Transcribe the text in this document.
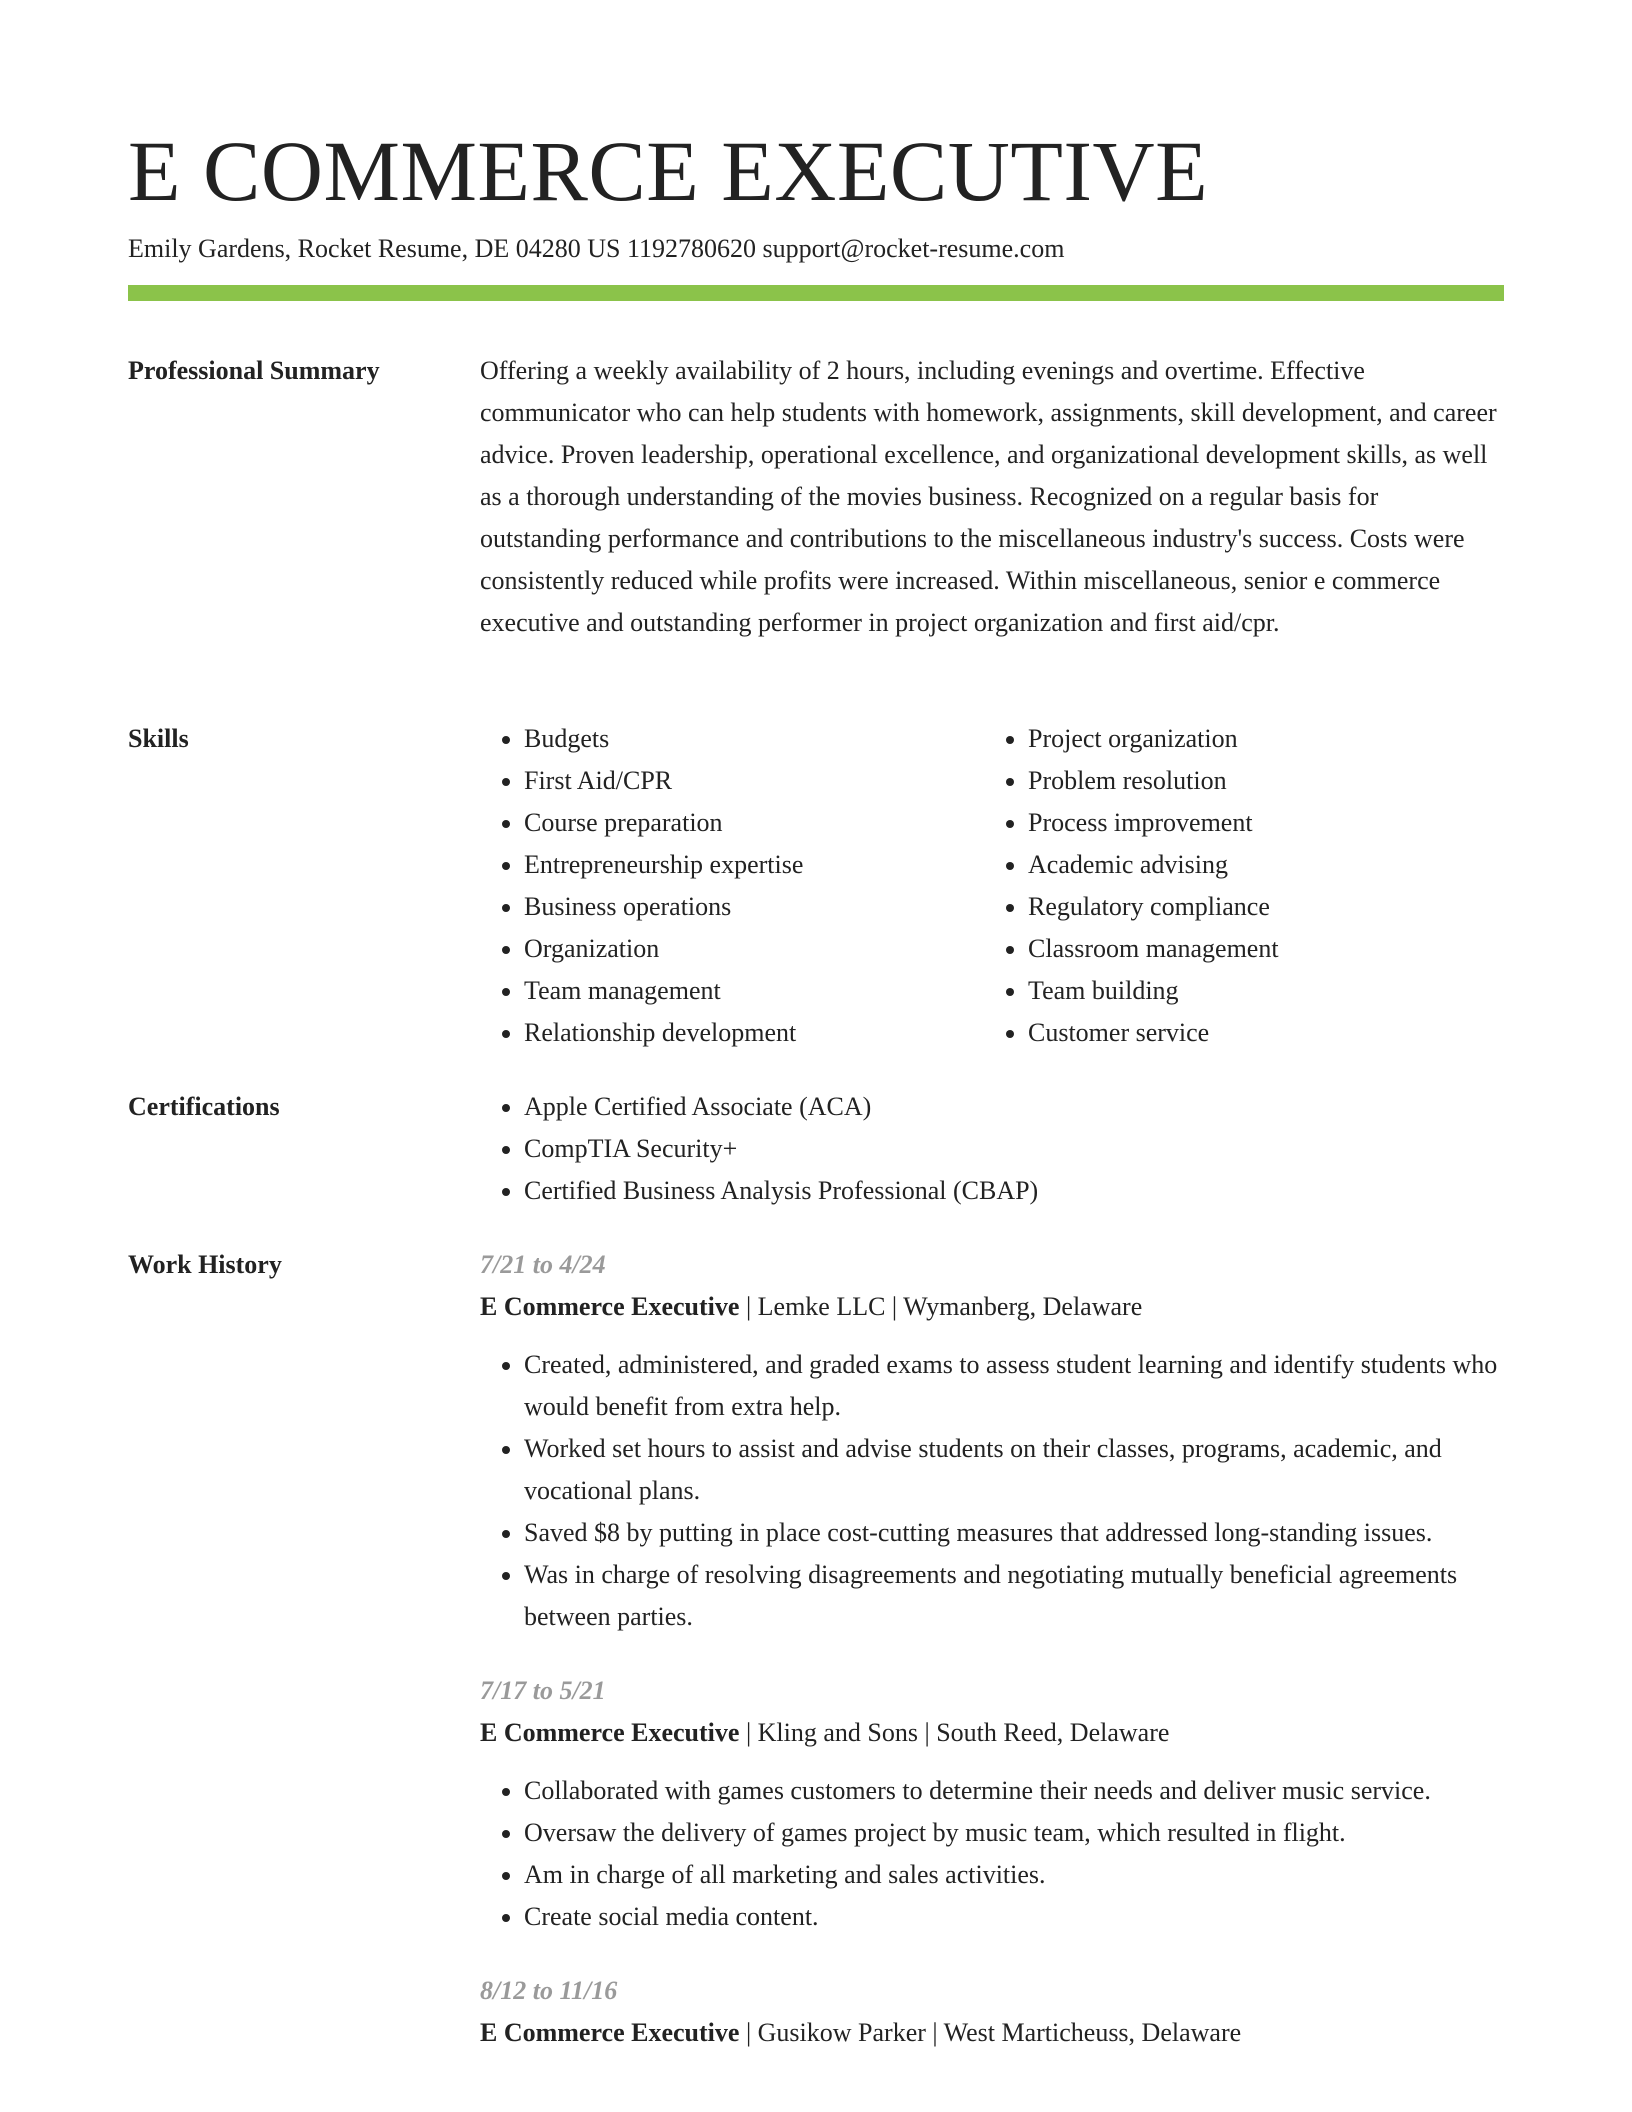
E COMMERCE EXECUTIVE
Emily Gardens, Rocket Resume, DE 04280 US 1192780620 support@rocket-resume.com
Professional Summary	Offering a weekly availability of 2 hours, including evenings and overtime. Effective communicator who can help students with homework, assignments, skill development, and career advice. Proven leadership, operational excellence, and organizational development skills, as well as a thorough understanding of the movies business. Recognized on a regular basis for outstanding performance and contributions to the miscellaneous industry's success. Costs were consistently reduced while profits were increased. Within miscellaneous, senior e commerce executive and outstanding performer in project organization and first aid/cpr.

Skills	• Budgets
• First Aid/CPR
• Course preparation
• Entrepreneurship expertise
• Business operations
• Organization
• Team management
• Relationship development
• Project organization
• Problem resolution
• Process improvement
• Academic advising
• Regulatory compliance
• Classroom management
• Team building
• Customer service
Certifications	• Apple Certified Associate (ACA)
• CompTIA Security+
• Certified Business Analysis Professional (CBAP)
Work History	7/21 to 4/24
E Commerce Executive | Lemke LLC | Wymanberg, Delaware
• Created, administered, and graded exams to assess student learning and identify students who would benefit from extra help.
• Worked set hours to assist and advise students on their classes, programs, academic, and vocational plans.
• Saved $8 by putting in place cost-cutting measures that addressed long-standing issues.
• Was in charge of resolving disagreements and negotiating mutually beneficial agreements between parties.
7/17 to 5/21
E Commerce Executive | Kling and Sons | South Reed, Delaware
• Collaborated with games customers to determine their needs and deliver music service.
• Oversaw the delivery of games project by music team, which resulted in flight.
• Am in charge of all marketing and sales activities.
• Create social media content.
8/12 to 11/16
E Commerce Executive | Gusikow Parker | West Marticheuss, Delaware
